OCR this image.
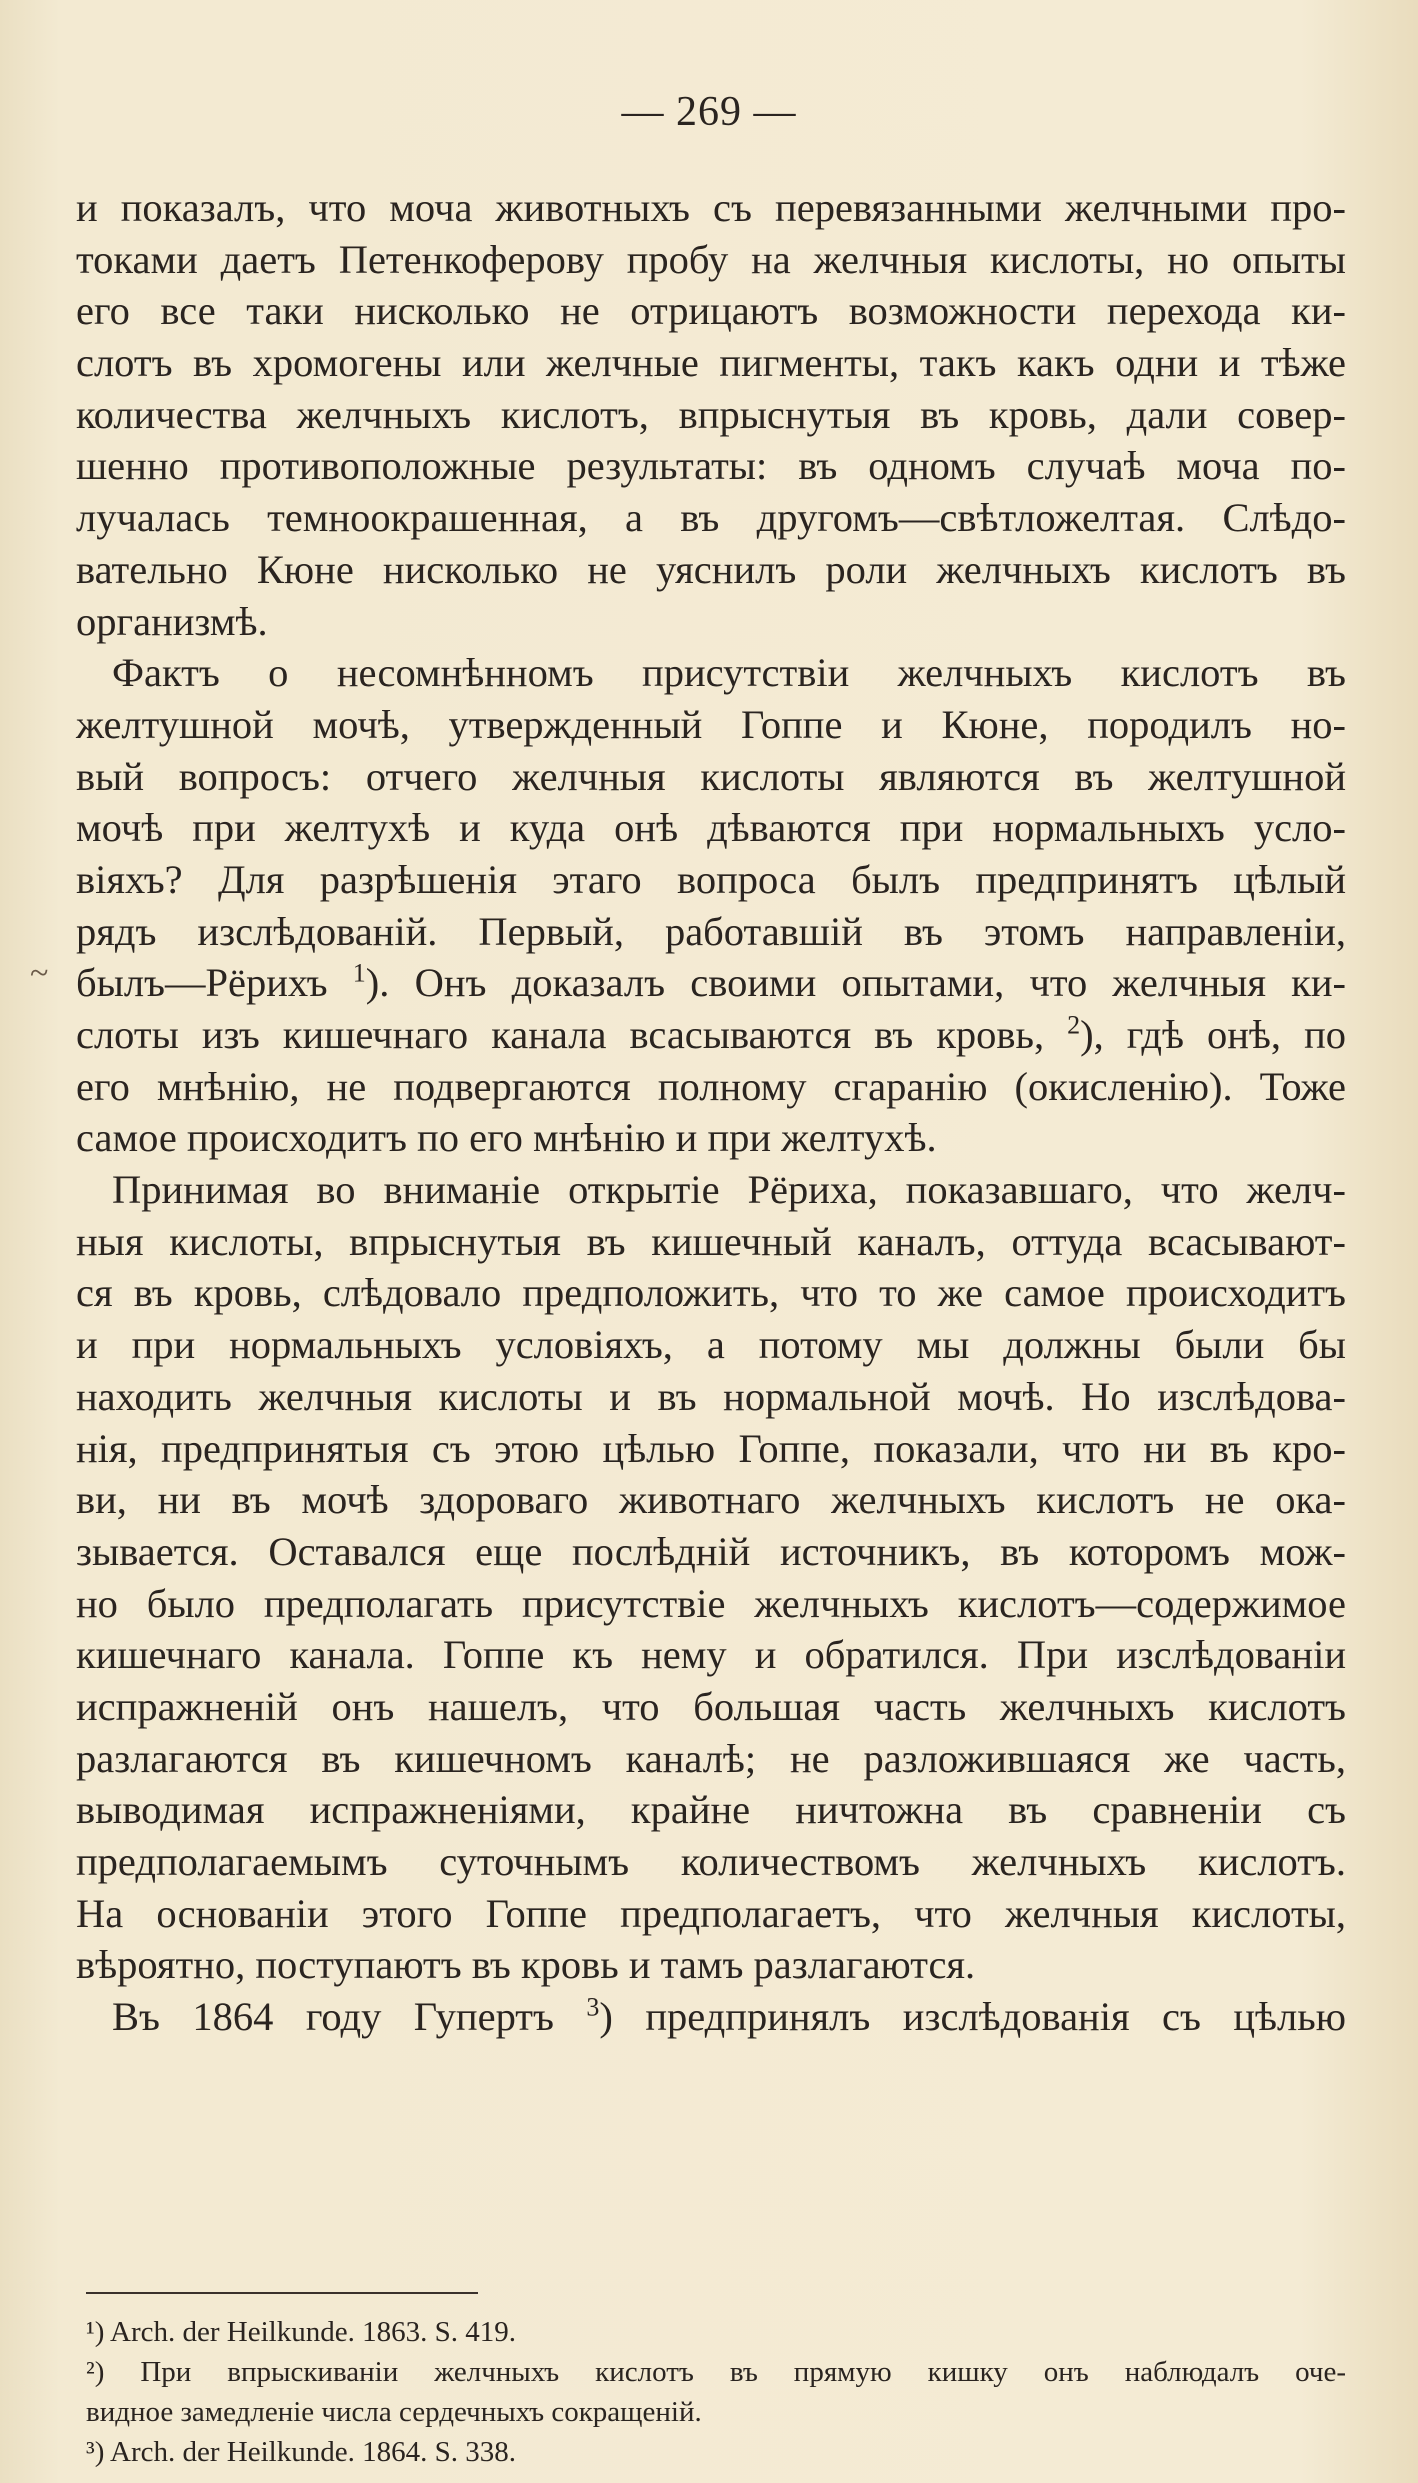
— 269 —
~
и показалъ, что моча животныхъ съ перевязанными желчными про-
токами даетъ Петенкоферову пробу на желчныя кислоты, но опыты
его все таки нисколько не отрицаютъ возможности перехода ки-
слотъ въ хромогены или желчные пигменты, такъ какъ одни и тѣже
количества желчныхъ кислотъ, впрыснутыя въ кровь, дали совер-
шенно противоположные результаты: въ одномъ случаѣ моча по-
лучалась темноокрашенная, а въ другомъ—свѣтложелтая. Слѣдо-
вательно Кюне нисколько не уяснилъ роли желчныхъ кислотъ въ
организмѣ.
Фактъ о несомнѣнномъ присутствіи желчныхъ кислотъ въ
желтушной мочѣ, утвержденный Гоппе и Кюне, породилъ но-
вый вопросъ: отчего желчныя кислоты являются въ желтушной
мочѣ при желтухѣ и куда онѣ дѣваются при нормальныхъ усло-
віяхъ? Для разрѣшенія этаго вопроса былъ предпринятъ цѣлый
рядъ изслѣдованій. Первый, работавшій въ этомъ направленіи,
былъ—Рёрихъ $^1$). Онъ доказалъ своими опытами, что желчныя ки-
слоты изъ кишечнаго канала всасываются въ кровь, $^2$), гдѣ онѣ, по
его мнѣнію, не подвергаются полному сгаранію (окисленію). Тоже
самое происходитъ по его мнѣнію и при желтухѣ.
Принимая во вниманіе открытіе Рёриха, показавшаго, что желч-
ныя кислоты, впрыснутыя въ кишечный каналъ, оттуда всасывают-
ся въ кровь, слѣдовало предположить, что то же самое происходитъ
и при нормальныхъ условіяхъ, а потому мы должны были бы
находить желчныя кислоты и въ нормальной мочѣ. Но изслѣдова-
нія, предпринятыя съ этою цѣлью Гоппе, показали, что ни въ кро-
ви, ни въ мочѣ здороваго животнаго желчныхъ кислотъ не ока-
зывается. Оставался еще послѣдній источникъ, въ которомъ мож-
но было предполагать присутствіе желчныхъ кислотъ—содержимое
кишечнаго канала. Гоппе къ нему и обратился. При изслѣдованіи
испражненій онъ нашелъ, что большая часть желчныхъ кислотъ
разлагаются въ кишечномъ каналѣ; не разложившаяся же часть,
выводимая испражненіями, крайне ничтожна въ сравненіи съ
предполагаемымъ суточнымъ количествомъ желчныхъ кислотъ.
На основаніи этого Гоппе предполагаетъ, что желчныя кислоты,
вѣроятно, поступаютъ въ кровь и тамъ разлагаются.
Въ 1864 году Гупертъ $^3$) предпринялъ изслѣдованія съ цѣлью
¹) Arch. der Heilkunde. 1863. S. 419.
²) При впрыскиваніи желчныхъ кислотъ въ прямую кишку онъ наблюдалъ оче-
видное замедленіе числа сердечныхъ сокращеній.
³) Arch. der Heilkunde. 1864. S. 338.
